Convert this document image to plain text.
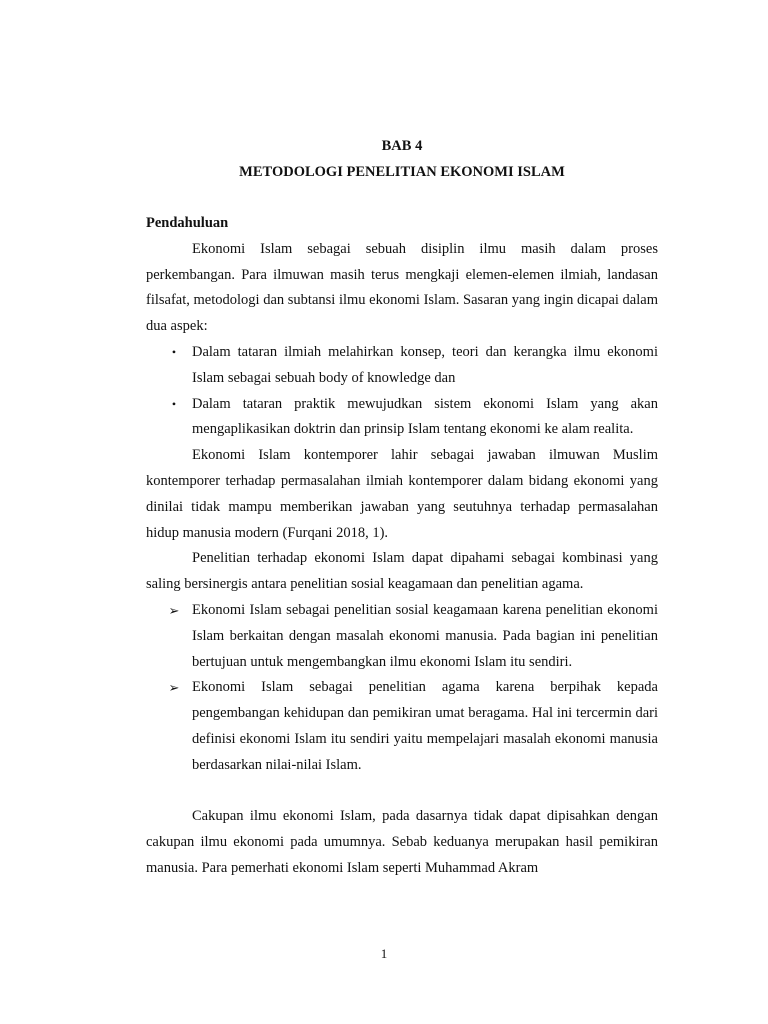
BAB 4
METODOLOGI PENELITIAN EKONOMI ISLAM

Pendahuluan

Ekonomi Islam sebagai sebuah disiplin ilmu masih dalam proses perkembangan. Para ilmuwan masih terus mengkaji elemen-elemen ilmiah, landasan filsafat, metodologi dan subtansi ilmu ekonomi Islam. Sasaran yang ingin dicapai dalam dua aspek:

•	Dalam tataran ilmiah melahirkan konsep, teori dan kerangka ilmu ekonomi Islam sebagai sebuah body of knowledge dan
•	Dalam tataran praktik mewujudkan sistem ekonomi Islam yang akan mengaplikasikan doktrin dan prinsip Islam tentang ekonomi ke alam realita.

Ekonomi Islam kontemporer lahir sebagai jawaban ilmuwan Muslim kontemporer terhadap permasalahan ilmiah kontemporer dalam bidang ekonomi yang dinilai tidak mampu memberikan jawaban yang seutuhnya terhadap permasalahan hidup manusia modern (Furqani 2018, 1).

Penelitian terhadap ekonomi Islam dapat dipahami sebagai kombinasi yang saling bersinergis antara penelitian sosial keagamaan dan penelitian agama.

➢ Ekonomi Islam sebagai penelitian sosial keagamaan karena penelitian ekonomi Islam berkaitan dengan masalah ekonomi manusia. Pada bagian ini penelitian bertujuan untuk mengembangkan ilmu ekonomi Islam itu sendiri.
➢ Ekonomi Islam sebagai penelitian agama karena berpihak kepada pengembangan kehidupan dan pemikiran umat beragama. Hal ini tercermin dari definisi ekonomi Islam itu sendiri yaitu mempelajari masalah ekonomi manusia berdasarkan nilai-nilai Islam.

Cakupan ilmu ekonomi Islam, pada dasarnya tidak dapat dipisahkan dengan cakupan ilmu ekonomi pada umumnya. Sebab keduanya merupakan hasil pemikiran manusia. Para pemerhati ekonomi Islam seperti Muhammad Akram

1
